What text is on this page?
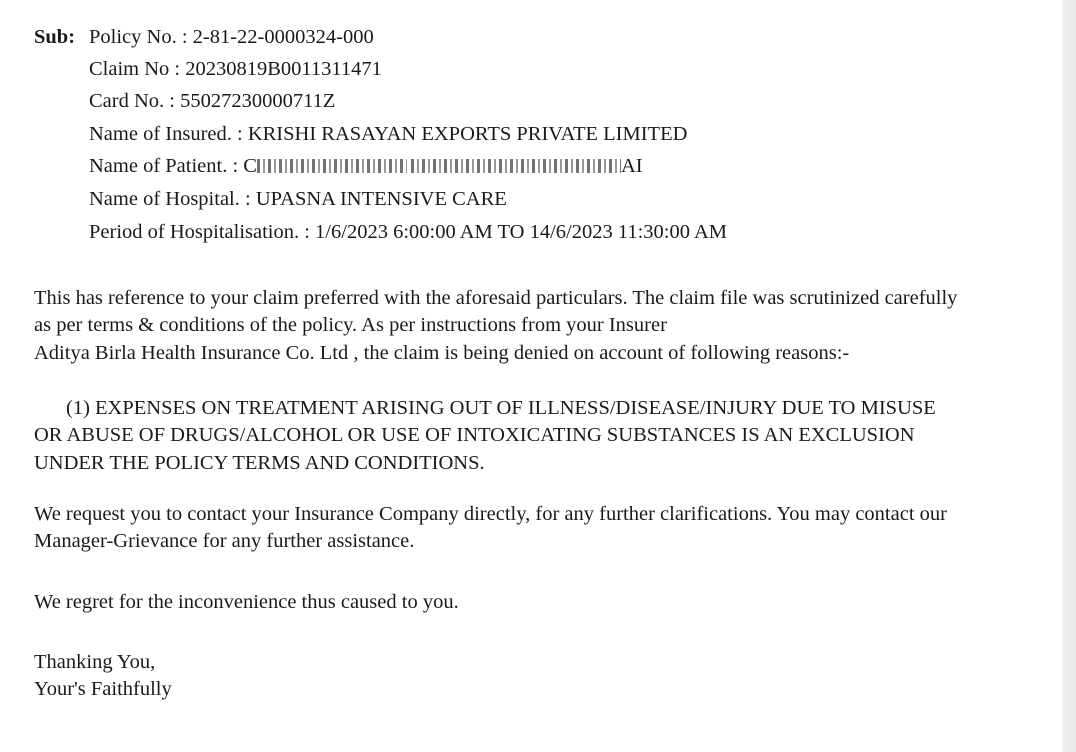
Sub: Policy No. : 2-81-22-0000324-000
Claim No : 20230819B0011311471
Card No. : 55027230000711Z
Name of Insured. : KRISHI RASAYAN EXPORTS PRIVATE LIMITED
Name of Patient. : C	AI
Name of Hospital. : UPASNA INTENSIVE CARE
Period of Hospitalisation. : 1/6/2023 6:00:00 AM TO 14/6/2023 11:30:00 AM
This has reference to your claim preferred with the aforesaid particulars. The claim file was scrutinized carefully
as per terms & conditions of the policy. As per instructions from your Insurer
Aditya Birla Health Insurance Co. Ltd , the claim is being denied on account of following reasons:-
(1) EXPENSES ON TREATMENT ARISING OUT OF ILLNESS/DISEASE/INJURY DUE TO MISUSE
OR ABUSE OF DRUGS/ALCOHOL OR USE OF INTOXICATING SUBSTANCES IS AN EXCLUSION
UNDER THE POLICY TERMS AND CONDITIONS.
We request you to contact your Insurance Company directly, for any further clarifications. You may contact our
Manager-Grievance for any further assistance.
We regret for the inconvenience thus caused to you.
Thanking You,
Your's Faithfully
